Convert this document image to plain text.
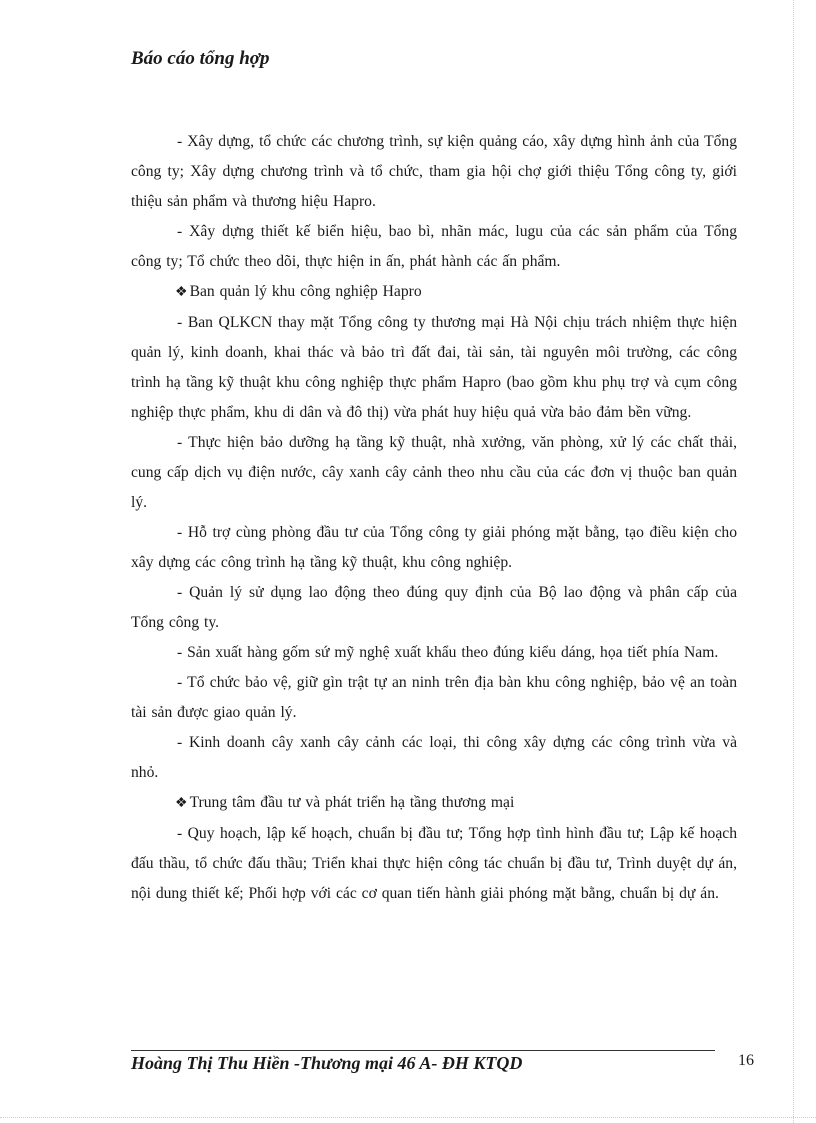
Báo cáo tổng hợp

- Xây dựng, tổ chức các chương trình, sự kiện quảng cáo, xây dựng hình ảnh của Tổng công ty; Xây dựng chương trình và tổ chức, tham gia hội chợ giới thiệu Tổng công ty, giới thiệu sản phẩm và thương hiệu Hapro.

- Xây dựng thiết kế biển hiệu, bao bì, nhãn mác, lugu của các sản phẩm của Tổng công ty; Tổ chức theo dõi, thực hiện in ấn, phát hành các ấn phẩm.

❖ Ban quản lý khu công nghiệp Hapro

- Ban QLKCN thay mặt Tổng công ty thương mại Hà Nội chịu trách nhiệm thực hiện quản lý, kinh doanh, khai thác và bảo trì đất đai, tài sản, tài nguyên môi trường, các công trình hạ tầng kỹ thuật khu công nghiệp thực phẩm Hapro (bao gồm khu phụ trợ và cụm công nghiệp thực phẩm, khu di dân và đô thị) vừa phát huy hiệu quả vừa bảo đảm bền vững.

- Thực hiện bảo dưỡng hạ tầng kỹ thuật, nhà xưởng, văn phòng, xử lý các chất thải, cung cấp dịch vụ điện nước, cây xanh cây cảnh theo nhu cầu của các đơn vị thuộc ban quản lý.

- Hỗ trợ cùng phòng đầu tư của Tổng công ty giải phóng mặt bằng, tạo điều kiện cho xây dựng các công trình hạ tầng kỹ thuật, khu công nghiệp.

- Quản lý sử dụng lao động theo đúng quy định của Bộ lao động và phân cấp của Tổng công ty.

- Sản xuất hàng gốm sứ mỹ nghệ xuất khẩu theo đúng kiểu dáng, họa tiết phía Nam.

- Tổ chức bảo vệ, giữ gìn trật tự an ninh trên địa bàn khu công nghiệp, bảo vệ an toàn tài sản được giao quản lý.

- Kinh doanh cây xanh cây cảnh các loại, thi công xây dựng các công trình vừa và nhỏ.

❖ Trung tâm đầu tư và phát triển hạ tầng thương mại

- Quy hoạch, lập kế hoạch, chuẩn bị đầu tư; Tổng hợp tình hình đầu tư; Lập kế hoạch đấu thầu, tổ chức đấu thầu; Triển khai thực hiện công tác chuẩn bị đầu tư, Trình duyệt dự án, nội dung thiết kế; Phối hợp với các cơ quan tiến hành giải phóng mặt bằng, chuẩn bị dự án.

Hoàng Thị Thu Hiền -Thương mại 46 A- ĐH KTQD	16
